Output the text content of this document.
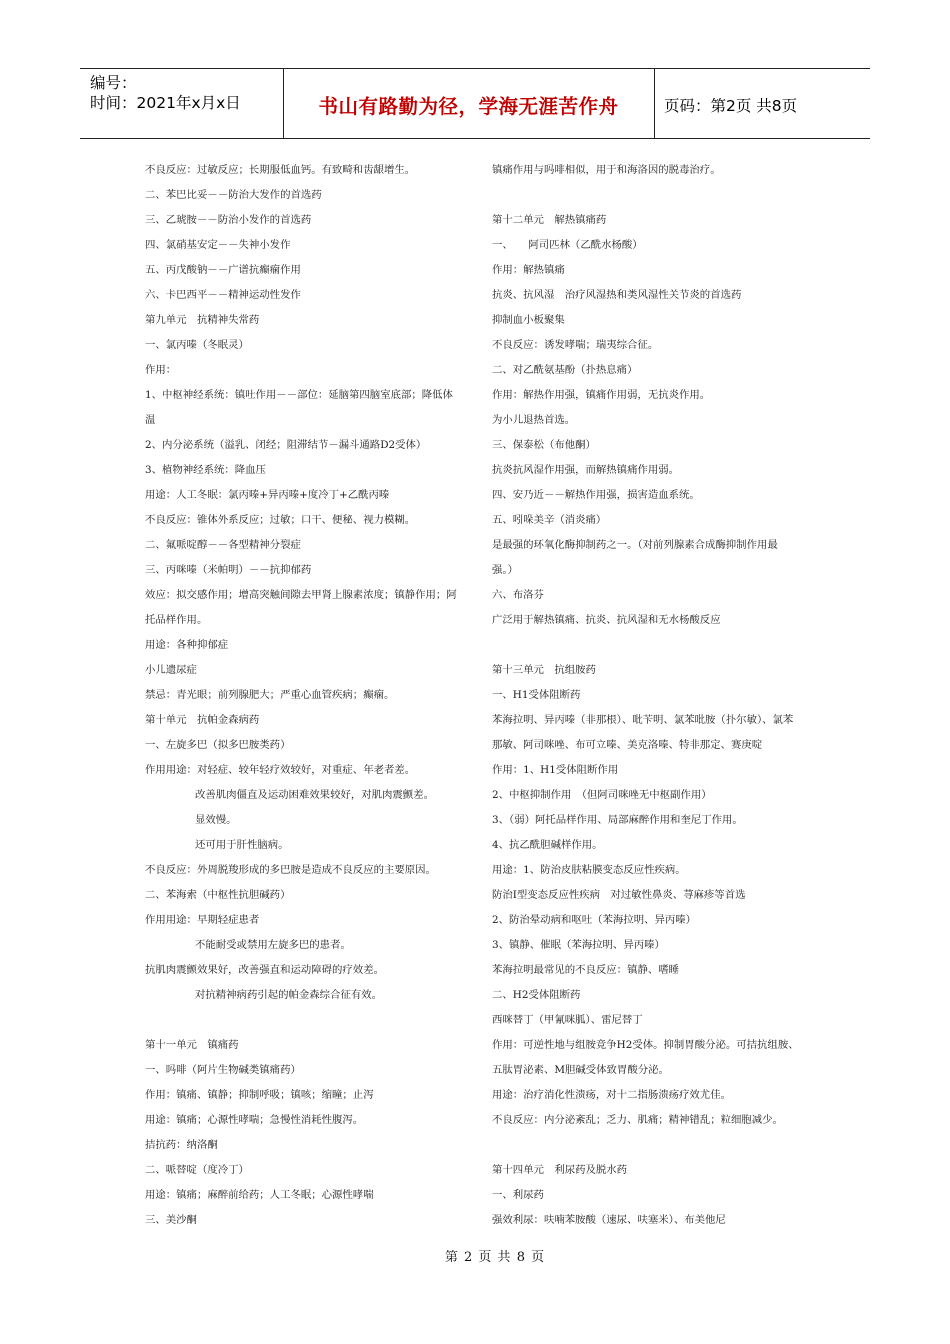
编号：
时间：2021年x月x日	书山有路勤为径，学海无涯苦作舟	页码：第2页 共8页
不良反应：过敏反应；长期服低血钙。有致畸和齿龈增生。
二、苯巴比妥－－防治大发作的首选药
三、乙琥胺－－防治小发作的首选药
四、氯硝基安定－－失神小发作
五、丙戊酸钠－－广谱抗癫痫作用
六、卡巴西平－－精神运动性发作
第九单元　抗精神失常药
一、氯丙嗪（冬眠灵）
作用：
1、中枢神经系统：镇吐作用－－部位：延脑第四脑室底部；降低体
温
2、内分泌系统（溢乳、闭经；阻滞结节－漏斗通路D2受体）
3、植物神经系统：降血压
用途：人工冬眠：氯丙嗪+异丙嗪+度冷丁+乙酰丙嗪
不良反应：锥体外系反应；过敏；口干、便秘、视力模糊。
二、氟哌啶醇－－各型精神分裂症
三、丙咪嗪（米帕明）－－抗抑郁药
效应：拟交感作用；增高突触间隙去甲肾上腺素浓度；镇静作用；阿
托品样作用。
用途：各种抑郁症
小儿遗尿症
禁忌：青光眼；前列腺肥大；严重心血管疾病；癫痫。
第十单元　抗帕金森病药
一、左旋多巴（拟多巴胺类药）
作用用途：对轻症、较年轻疗效较好，对重症、年老者差。
改善肌肉僵直及运动困难效果较好，对肌肉震颤差。
显效慢。
还可用于肝性脑病。
不良反应：外周脱羧形成的多巴胺是造成不良反应的主要原因。
二、苯海索（中枢性抗胆碱药）
作用用途：早期轻症患者
不能耐受或禁用左旋多巴的患者。
抗肌肉震颤效果好，改善强直和运动障碍的疗效差。
对抗精神病药引起的帕金森综合征有效。
第十一单元　镇痛药
一、吗啡（阿片生物碱类镇痛药）
作用：镇痛、镇静；抑制呼吸；镇咳；缩瞳；止泻
用途：镇痛；心源性哮喘；急慢性消耗性腹泻。
拮抗药：纳洛酮
二、哌替啶（度冷丁）
用途：镇痛；麻醉前给药；人工冬眠；心源性哮喘
三、美沙酮
镇痛作用与吗啡相似，用于和海洛因的脱毒治疗。
第十二单元　解热镇痛药
一、　　阿司匹林（乙酰水杨酸）
作用：解热镇痛
抗炎、抗风湿　治疗风湿热和类风湿性关节炎的首选药
抑制血小板聚集
不良反应：诱发哮喘；瑞夷综合征。
二、对乙酰氨基酚（扑热息痛）
作用：解热作用强，镇痛作用弱，无抗炎作用。
为小儿退热首选。
三、保泰松（布他酮）
抗炎抗风湿作用强，而解热镇痛作用弱。
四、安乃近－－解热作用强，损害造血系统。
五、吲哚美辛（消炎痛）
是最强的环氧化酶抑制药之一。（对前列腺素合成酶抑制作用最
强。）
六、布洛芬
广泛用于解热镇痛、抗炎、抗风湿和无水杨酸反应
第十三单元　抗组胺药
一、H1受体阻断药
苯海拉明、异丙嗪（非那根）、吡苄明、氯苯吡胺（扑尔敏）、氯苯
那敏、阿司咪唑、布可立嗪、美克洛嗪、特非那定、赛庚啶
作用：1、H1受体阻断作用
2、中枢抑制作用　（但阿司咪唑无中枢副作用）
3、（弱）阿托品样作用、局部麻醉作用和奎尼丁作用。
4、抗乙酰胆碱样作用。
用途：1、防治皮肤粘膜变态反应性疾病。
防治I型变态反应性疾病　对过敏性鼻炎、荨麻疹等首选
2、防治晕动病和呕吐（苯海拉明、异丙嗪）
3、镇静、催眠（苯海拉明、异丙嗪）
苯海拉明最常见的不良反应：镇静、嗜睡
二、H2受体阻断药
西咪替丁（甲氰咪胍）、雷尼替丁
作用：可逆性地与组胺竞争H2受体。抑制胃酸分泌。可拮抗组胺、
五肽胃泌素、M胆碱受体致胃酸分泌。
用途：治疗消化性溃疡，对十二指肠溃疡疗效尤佳。
不良反应：内分泌紊乱；乏力、肌痛；精神错乱；粒细胞减少。
第十四单元　利尿药及脱水药
一、利尿药
强效利尿：呋喃苯胺酸（速尿、呋塞米）、布美他尼
第 2 页 共 8 页
